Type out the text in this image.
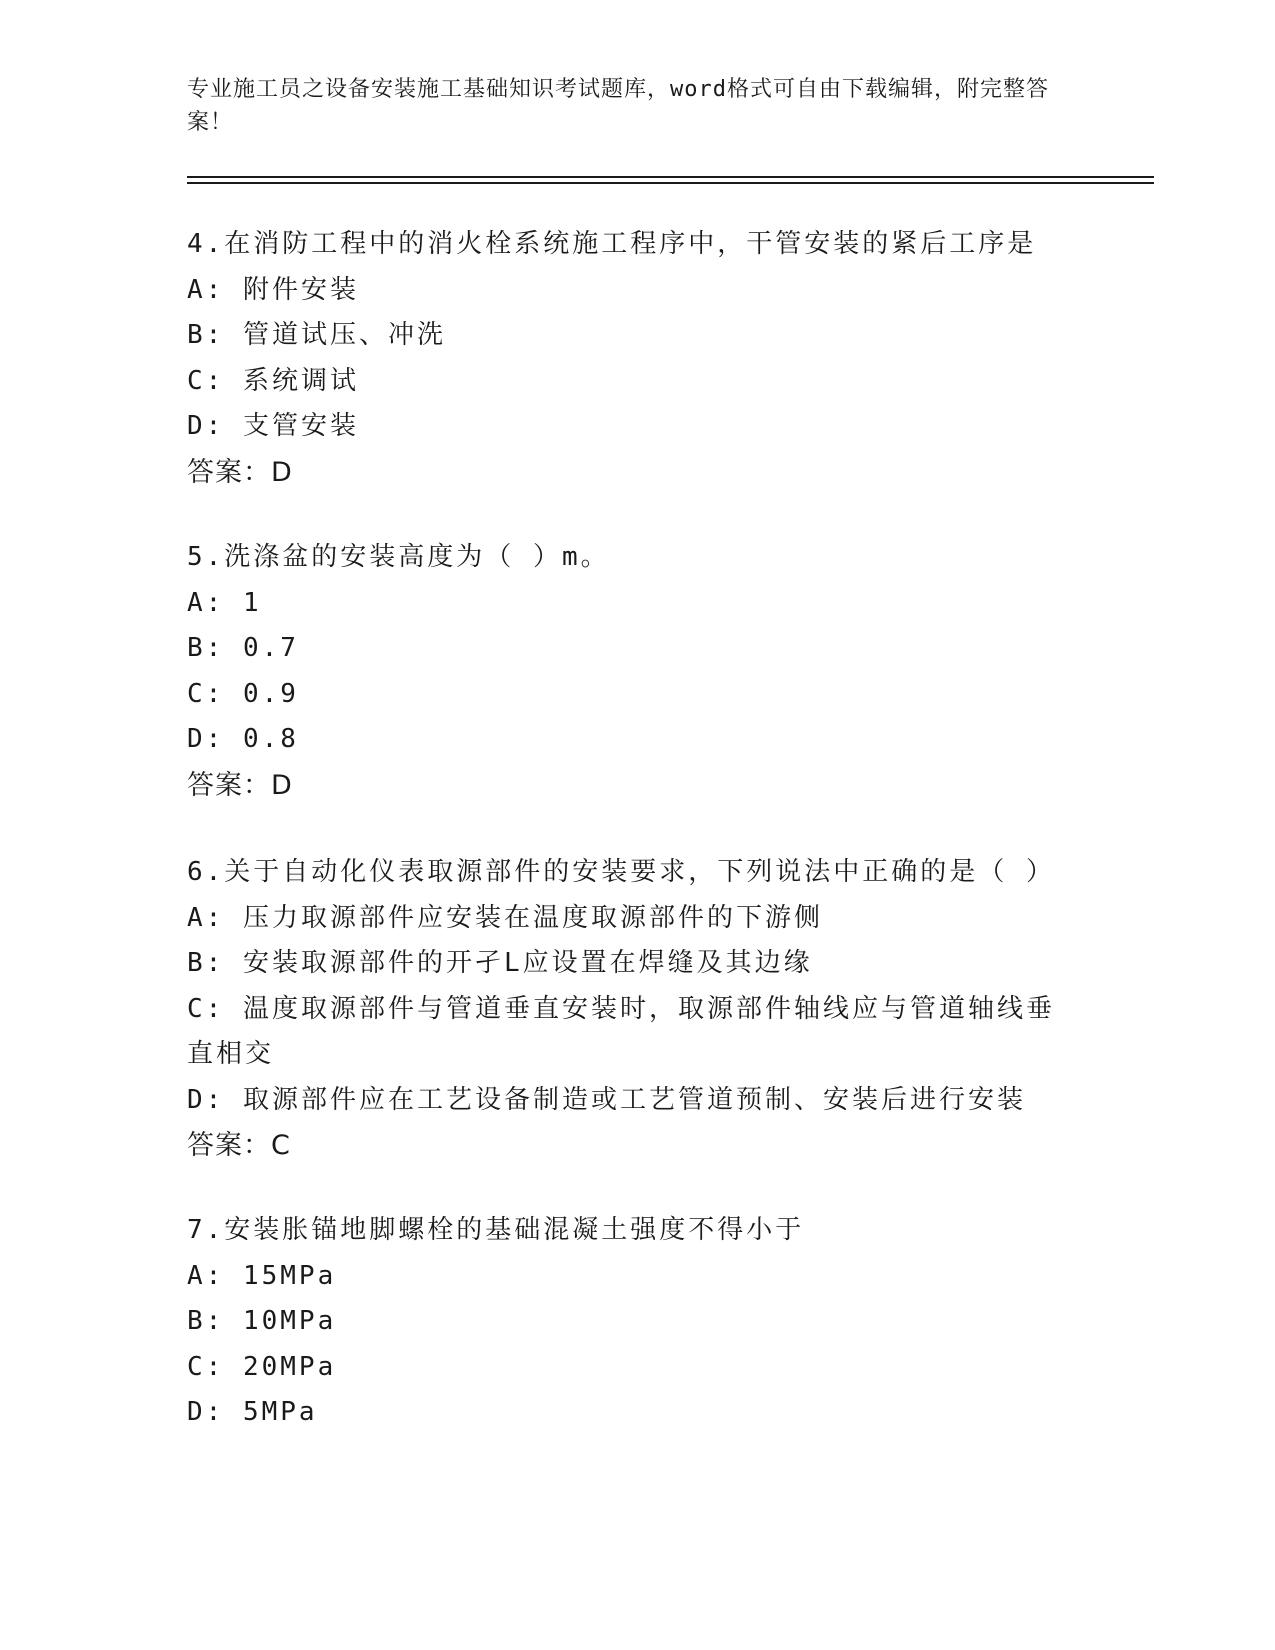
专业施工员之设备安装施工基础知识考试题库，word格式可自由下载编辑，附完整答案！
4.在消防工程中的消火栓系统施工程序中，干管安装的紧后工序是
A: 附件安装
B: 管道试压、冲洗
C: 系统调试
D: 支管安装
答案：D
5.洗涤盆的安装高度为（ ）m。
A: 1
B: 0.7
C: 0.9
D: 0.8
答案：D
6.关于自动化仪表取源部件的安装要求，下列说法中正确的是（ ）
A: 压力取源部件应安装在温度取源部件的下游侧
B: 安装取源部件的开孑L应设置在焊缝及其边缘
C: 温度取源部件与管道垂直安装时，取源部件轴线应与管道轴线垂直相交
D: 取源部件应在工艺设备制造或工艺管道预制、安装后进行安装
答案：C
7.安装胀锚地脚螺栓的基础混凝土强度不得小于
A: 15MPa
B: 10MPa
C: 20MPa
D: 5MPa
